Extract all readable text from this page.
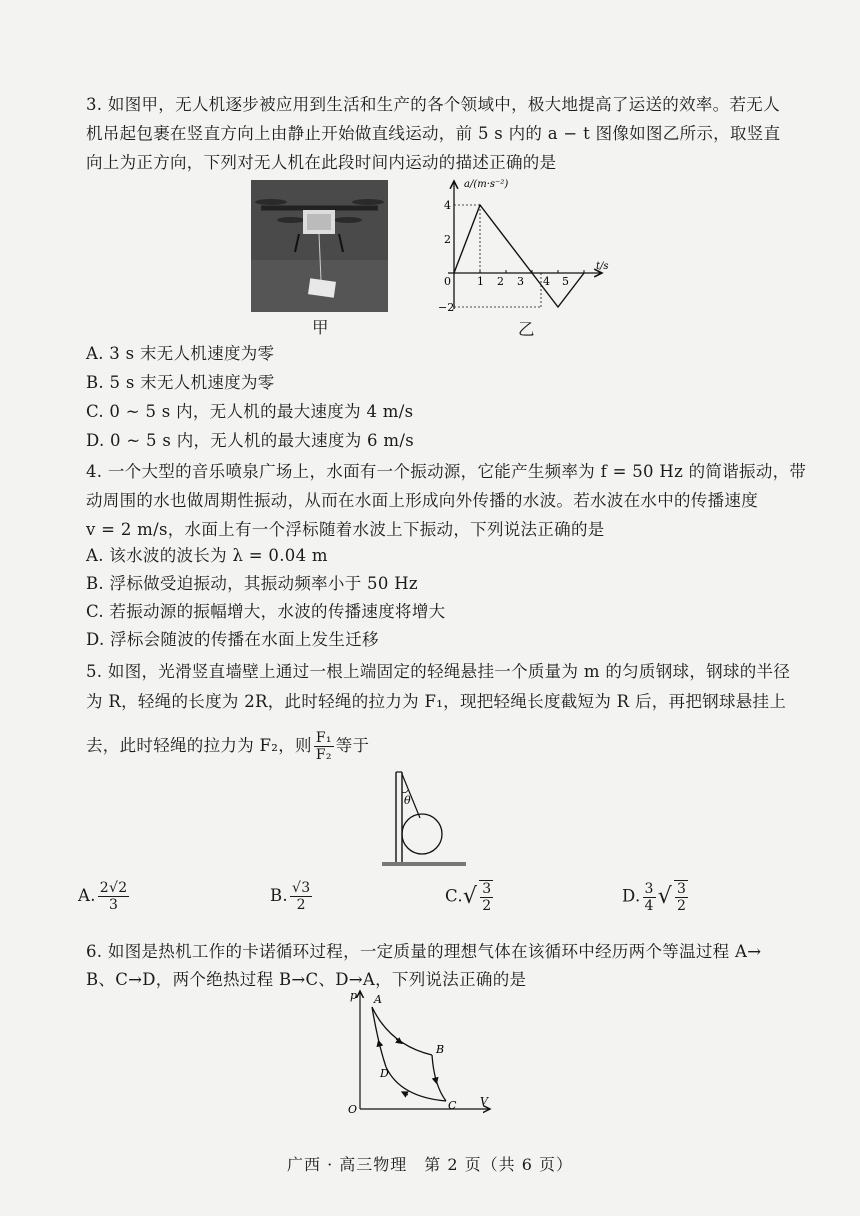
3. 如图甲，无人机逐步被应用到生活和生产的各个领域中，极大地提高了运送的效率。若无人
机吊起包裹在竖直方向上由静止开始做直线运动，前 5 s 内的 a − t 图像如图乙所示，取竖直
向上为正方向，下列对无人机在此段时间内运动的描述正确的是
甲
a/(m·s⁻²)
t/s
0 1 2 3 4 5
4
2
−2
乙
A. 3 s 末无人机速度为零
B. 5 s 末无人机速度为零
C. 0 ~ 5 s 内，无人机的最大速度为 4 m/s
D. 0 ~ 5 s 内，无人机的最大速度为 6 m/s
4. 一个大型的音乐喷泉广场上，水面有一个振动源，它能产生频率为 f = 50 Hz 的简谐振动，带
动周围的水也做周期性振动，从而在水面上形成向外传播的水波。若水波在水中的传播速度
v = 2 m/s，水面上有一个浮标随着水波上下振动，下列说法正确的是
A. 该水波的波长为 λ = 0.04 m
B. 浮标做受迫振动，其振动频率小于 50 Hz
C. 若振动源的振幅增大，水波的传播速度将增大
D. 浮标会随波的传播在水面上发生迁移
5. 如图，光滑竖直墙壁上通过一根上端固定的轻绳悬挂一个质量为 m 的匀质钢球，钢球的半径
为 R，轻绳的长度为 2R，此时轻绳的拉力为 F₁，现把轻绳长度截短为 R 后，再把钢球悬挂上
去，此时轻绳的拉力为 F₂，则 $\frac{\text{F₁}}{\text{F₂}}$ 等于
θ
A. $\frac{2√2}{3}$	B. $\frac{√3}{2}$	$C.√ \frac{3}{2}$	D. $\frac{3}{4}$ √ $\frac{3}{2}$
6. 如图是热机工作的卡诺循环过程，一定质量的理想气体在该循环中经历两个等温过程 A→
B、C→D，两个绝热过程 B→C、D→A，下列说法正确的是
p
V
O
A
B
C
D
广西 · 高三物理　第 2 页（共 6 页）
